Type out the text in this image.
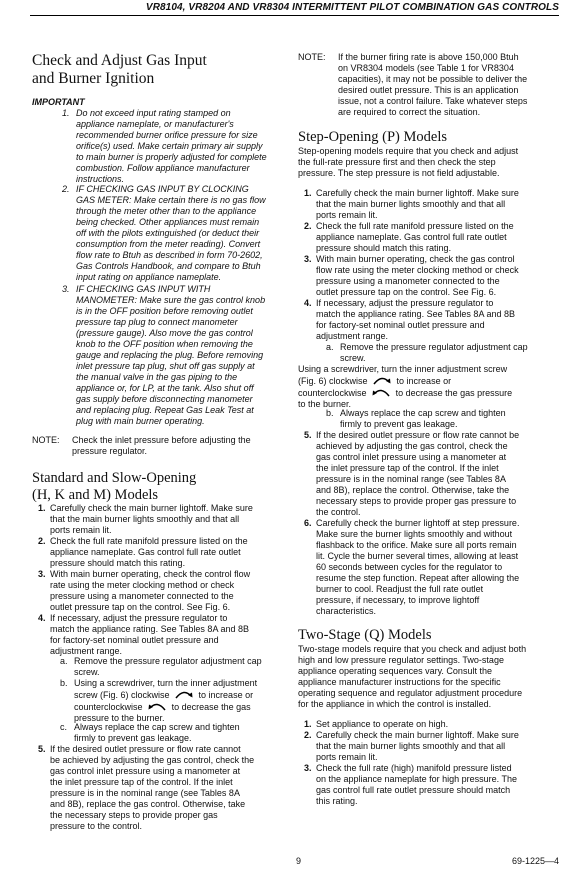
VR8104, VR8204 AND VR8304 INTERMITTENT PILOT COMBINATION GAS CONTROLS
Check and Adjust Gas Input
and Burner Ignition
IMPORTANT
1. Do not exceed input rating stamped on
appliance nameplate, or manufacturer's
recommended burner orifice pressure for size
orifice(s) used. Make certain primary air supply
to main burner is properly adjusted for complete
combustion. Follow appliance manufacturer
instructions.
2. IF CHECKING GAS INPUT BY CLOCKING
GAS METER: Make certain there is no gas flow
through the meter other than to the appliance
being checked. Other appliances must remain
off with the pilots extinguished (or deduct their
consumption from the meter reading). Convert
flow rate to Btuh as described in form 70-2602,
Gas Controls Handbook, and compare to Btuh
input rating on appliance nameplate.
3. IF CHECKING GAS INPUT WITH
MANOMETER: Make sure the gas control knob
is in the OFF position before removing outlet
pressure tap plug to connect manometer
(pressure gauge). Also move the gas control
knob to the OFF position when removing the
gauge and replacing the plug. Before removing
inlet pressure tap plug, shut off gas supply at
the manual valve in the gas piping to the
appliance or, for LP, at the tank. Also shut off
gas supply before disconnecting manometer
and replacing plug. Repeat Gas Leak Test at
plug with main burner operating.
NOTE: Check the inlet pressure before adjusting the
pressure regulator.
Standard and Slow-Opening
(H, K and M) Models
1. Carefully check the main burner lightoff. Make sure
that the main burner lights smoothly and that all
ports remain lit.
2. Check the full rate manifold pressure listed on the
appliance nameplate. Gas control full rate outlet
pressure should match this rating.
3. With main burner operating, check the control flow
rate using the meter clocking method or check
pressure using a manometer connected to the
outlet pressure tap on the control. See Fig. 6.
4. If necessary, adjust the pressure regulator to
match the appliance rating. See Tables 8A and 8B
for factory-set nominal outlet pressure and
adjustment range.
a. Remove the pressure regulator adjustment cap
screw.
b. Using a screwdriver, turn the inner adjustment
screw (Fig. 6) clockwise	to increase or
counterclockwise	to decrease the gas
pressure to the burner.
c. Always replace the cap screw and tighten
firmly to prevent gas leakage.
5. If the desired outlet pressure or flow rate cannot
be achieved by adjusting the gas control, check the
gas control inlet pressure using a manometer at
the inlet pressure tap of the control. If the inlet
pressure is in the nominal range (see Tables 8A
and 8B), replace the gas control. Otherwise, take
the necessary steps to provide proper gas
pressure to the control.
NOTE: If the burner firing rate is above 150,000 Btuh
on VR8304 models (see Table 1 for VR8304
capacities), it may not be possible to deliver the
desired outlet pressure. This is an application
issue, not a control failure. Take whatever steps
are required to correct the situation.
Step-Opening (P) Models
Step-opening models require that you check and adjust
the full-rate pressure first and then check the step
pressure. The step pressure is not field adjustable.
1. Carefully check the main burner lightoff. Make sure
that the main burner lights smoothly and that all
ports remain lit.
2. Check the full rate manifold pressure listed on the
appliance nameplate. Gas control full rate outlet
pressure should match this rating.
3. With main burner operating, check the gas control
flow rate using the meter clocking method or check
pressure using a manometer connected to the
outlet pressure tap on the control. See Fig. 6.
4. If necessary, adjust the pressure regulator to
match the appliance rating. See Tables 8A and 8B
for factory-set nominal outlet pressure and
adjustment range.
a. Remove the pressure regulator adjustment cap
screw.
Using a screwdriver, turn the inner adjustment screw
(Fig. 6) clockwise	to increase or
counterclockwise	to decrease the gas pressure
to the burner.
b. Always replace the cap screw and tighten
firmly to prevent gas leakage.
5. If the desired outlet pressure or flow rate cannot be
achieved by adjusting the gas control, check the
gas control inlet pressure using a manometer at
the inlet pressure tap of the control. If the inlet
pressure is in the nominal range (see Tables 8A
and 8B), replace the control. Otherwise, take the
necessary steps to provide proper gas pressure to
the control.
6. Carefully check the burner lightoff at step pressure.
Make sure the burner lights smoothly and without
flashback to the orifice. Make sure all ports remain
lit. Cycle the burner several times, allowing at least
60 seconds between cycles for the regulator to
resume the step function. Repeat after allowing the
burner to cool. Readjust the full rate outlet
pressure, if necessary, to improve lightoff
characteristics.
Two-Stage (Q) Models
Two-stage models require that you check and adjust both
high and low pressure regulator settings. Two-stage
appliance operating sequences vary. Consult the
appliance manufacturer instructions for the specific
operating sequence and regulator adjustment procedure
for the appliance in which the control is installed.
1. Set appliance to operate on high.
2. Carefully check the main burner lightoff. Make sure
that the main burner lights smoothly and that all
ports remain lit.
3. Check the full rate (high) manifold pressure listed
on the appliance nameplate for high pressure. The
gas control full rate outlet pressure should match
this rating.
9	69-1225—4
